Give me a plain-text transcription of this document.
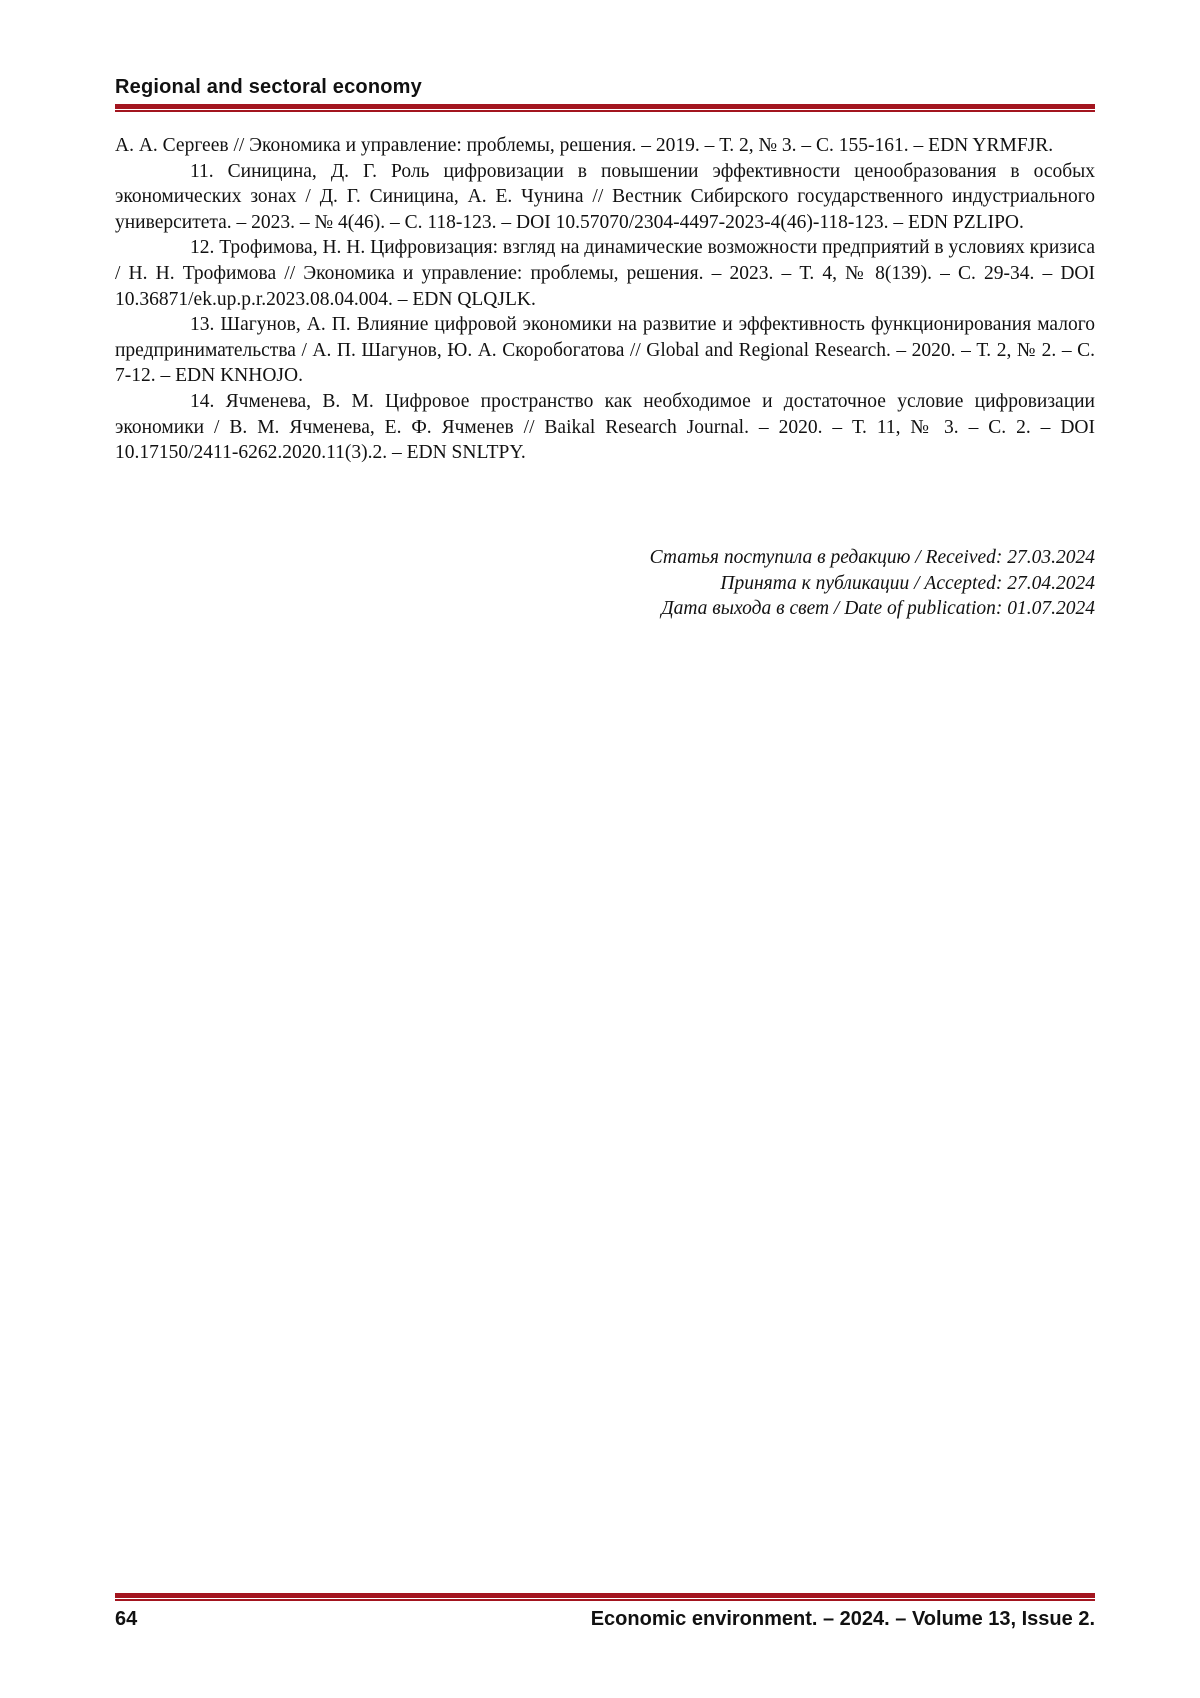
Regional and sectoral economy

А. А. Сергеев // Экономика и управление: проблемы, решения. – 2019. – Т. 2, № 3. – С. 155-161. – EDN YRMFJR.

11. Синицина, Д. Г. Роль цифровизации в повышении эффективности ценообразования в особых экономических зонах / Д. Г. Синицина, А. Е. Чунина // Вестник Сибирского государственного индустриального университета. – 2023. – № 4(46). – С. 118-123. – DOI 10.57070/2304-4497-2023-4(46)-118-123. – EDN PZLIPO.

12. Трофимова, Н. Н. Цифровизация: взгляд на динамические возможности предприятий в условиях кризиса / Н. Н. Трофимова // Экономика и управление: проблемы, решения. – 2023. – Т. 4, № 8(139). – С. 29-34. – DOI 10.36871/ek.up.p.r.2023.08.04.004. – EDN QLQJLK.

13. Шагунов, А. П. Влияние цифровой экономики на развитие и эффективность функционирования малого предпринимательства / А. П. Шагунов, Ю. А. Скоробогатова // Global and Regional Research. – 2020. – Т. 2, № 2. – С. 7-12. – EDN KNHOJO.

14. Ячменева, В. М. Цифровое пространство как необходимое и достаточное условие цифровизации экономики / В. М. Ячменева, Е. Ф. Ячменев // Baikal Research Journal. – 2020. – Т. 11, № 3. – С. 2. – DOI 10.17150/2411-6262.2020.11(3).2. – EDN SNLTPY.

Статья поступила в редакцию / Received: 27.03.2024
Принята к публикации / Accepted: 27.04.2024
Дата выхода в свет / Date of publication: 01.07.2024
64	Economic environment. – 2024. – Volume 13, Issue 2.
